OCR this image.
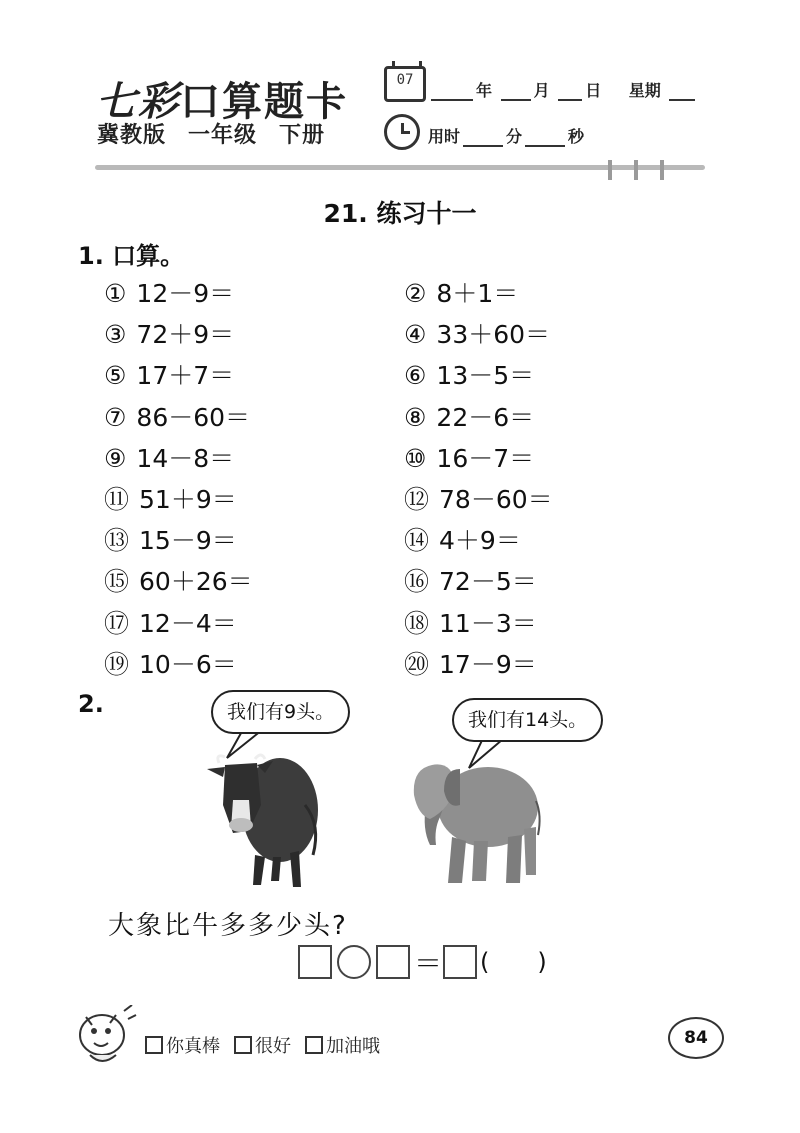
七彩口算题卡
冀教版 一年级 下册
07
年	月 日 星期
用时	分	秒
21. 练习十一
1. 口算。
① 12－9＝	② 8＋1＝
③ 72＋9＝	④ 33＋60＝
⑤ 17＋7＝	⑥ 13－5＝
⑦ 86－60＝	⑧ 22－6＝
⑨ 14－8＝	⑩ 16－7＝
⑪ 51＋9＝	⑫ 78－60＝
⑬ 15－9＝	⑭ 4＋9＝
⑮ 60＋26＝	⑯ 72－5＝
⑰ 12－4＝	⑱ 11－3＝
⑲ 10－6＝	⑳ 17－9＝
2.	我们有9头。	我们有14头。
大象比牛多多少头?
＝ (　　)
你真棒	很好	加油哦	84
